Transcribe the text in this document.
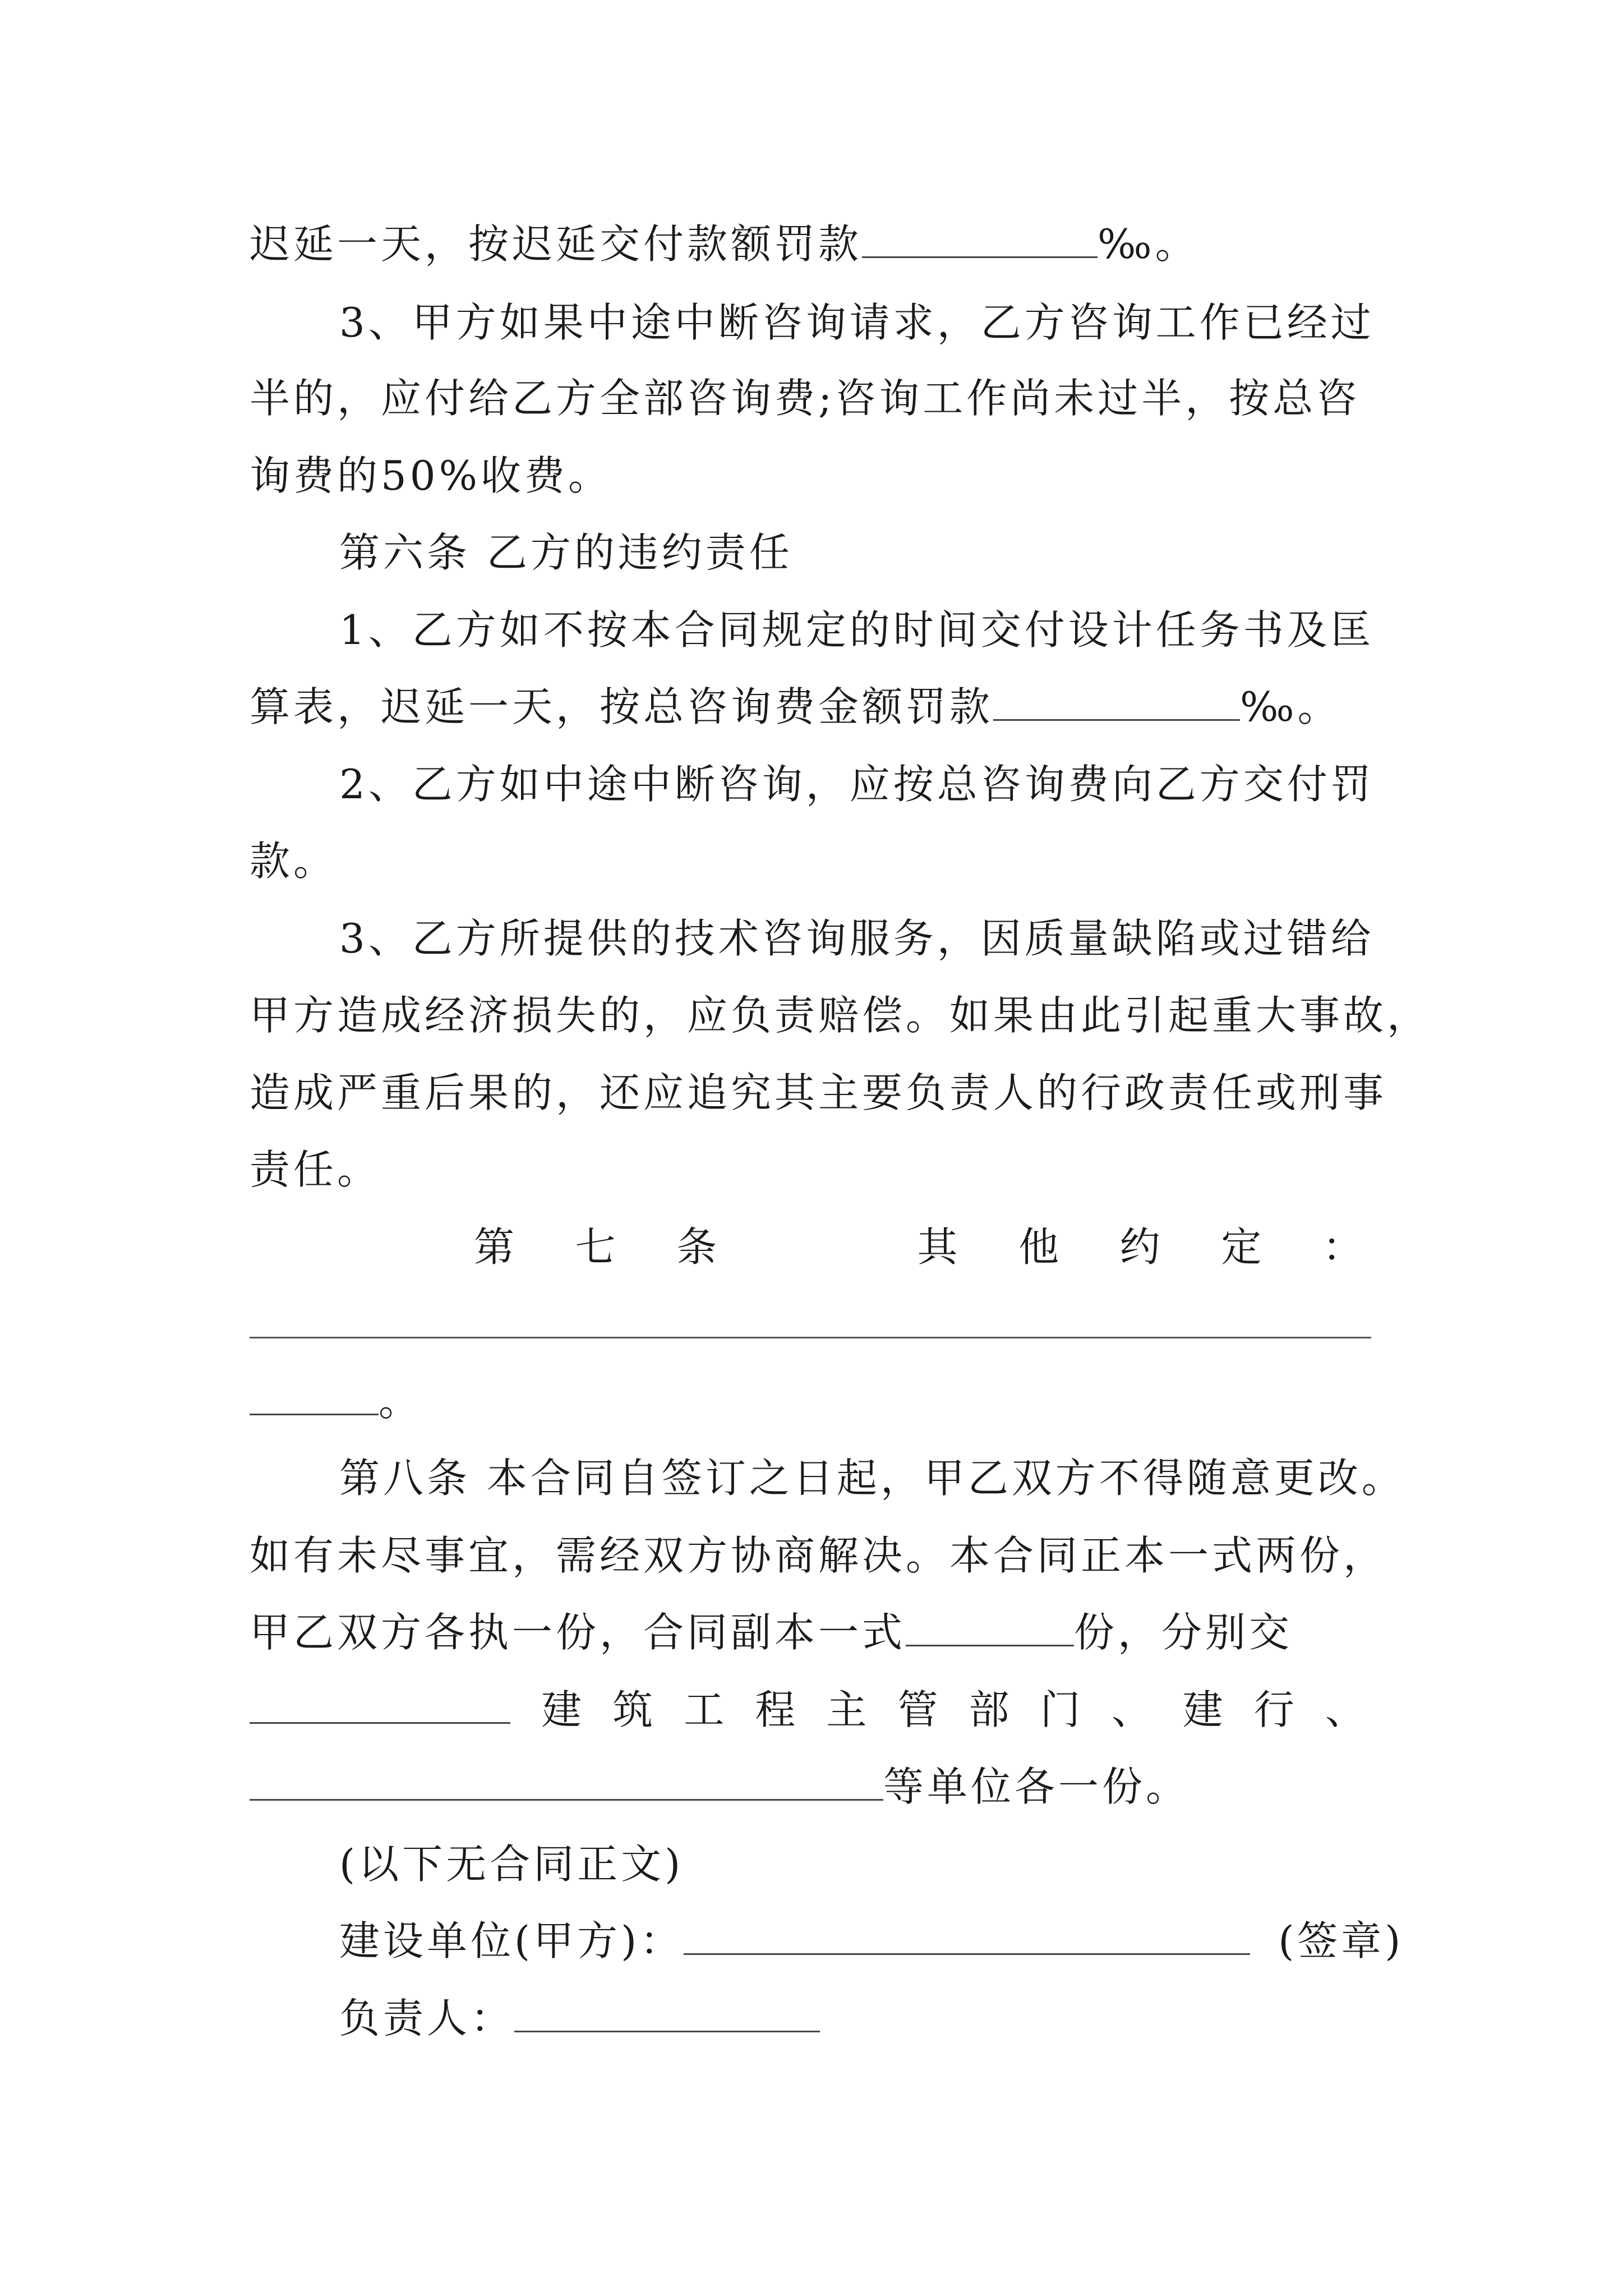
迟延一天，按迟延交付款额罚款	‰。
3、甲方如果中途中断咨询请求，乙方咨询工作已经过
半的，应付给乙方全部咨询费;咨询工作尚未过半，按总咨
询费的50%收费。
第六条 乙方的违约责任
1、乙方如不按本合同规定的时间交付设计任务书及匡
算表，迟延一天，按总咨询费金额罚款	‰。
2、乙方如中途中断咨询，应按总咨询费向乙方交付罚
款。
3、乙方所提供的技术咨询服务，因质量缺陷或过错给
甲方造成经济损失的，应负责赔偿。如果由此引起重大事故，
造成严重后果的，还应追究其主要负责人的行政责任或刑事
责任。
第 七 条	其 他 约 定 ：
。
第八条 本合同自签订之日起，甲乙双方不得随意更改。
如有未尽事宜，需经双方协商解决。本合同正本一式两份，
甲乙双方各执一份，合同副本一式	份，分别交
建 筑 工 程 主 管 部 门 、 建 行 、
等单位各一份。
(以下无合同正文)
建设单位(甲方)：	(签章)
负责人：
